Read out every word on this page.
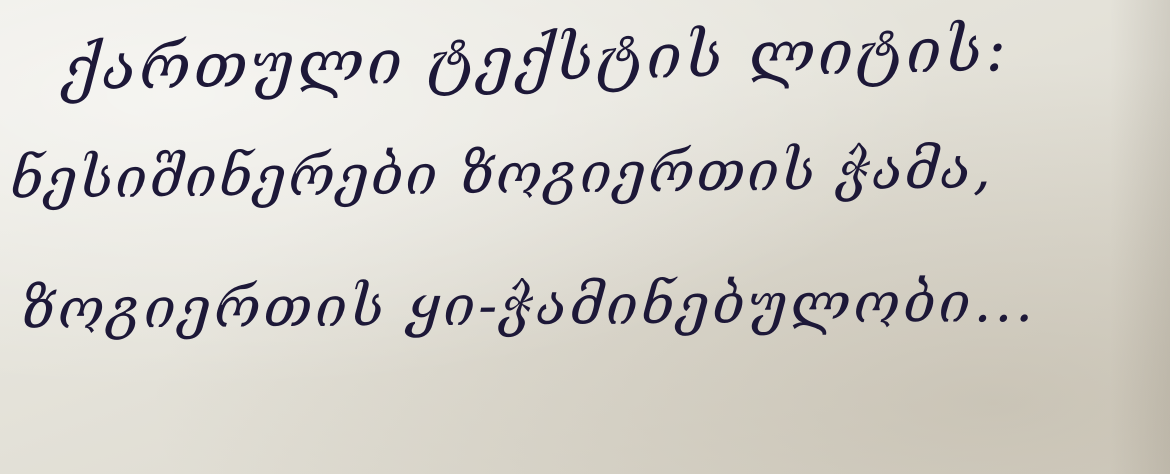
ქართული ტექსტის ლიტის:

ნესიშინერები ზოგიერთის ჭამა,

ზოგიერთის ყი-ჭამინებულობი...
